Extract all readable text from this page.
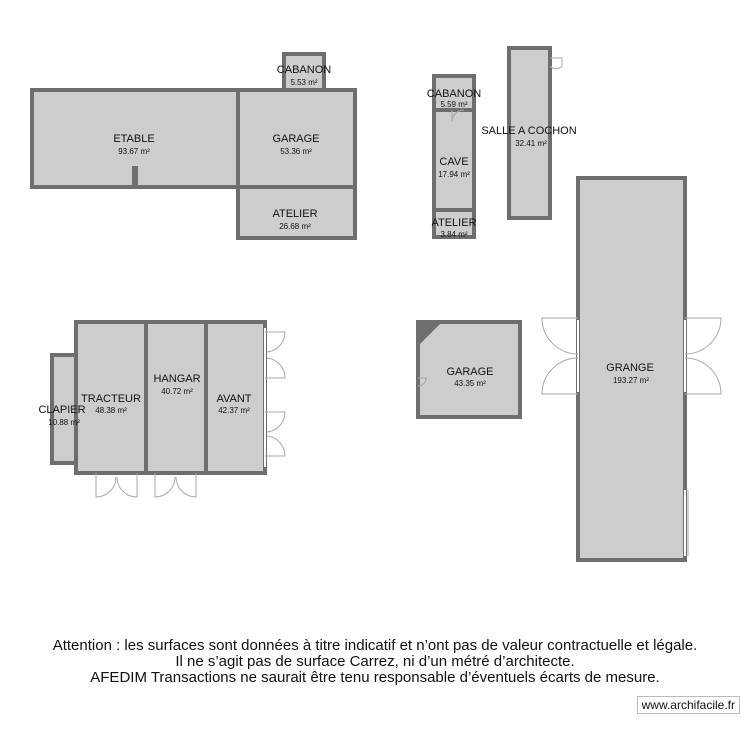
ETABLE
93.67 m²
GARAGE
53.36 m²
ATELIER
26.68 m²
CABANON
5.53 m²
CABANON
5.59 m²
CAVE
17.94 m²
ATELIER
3.84 m²
SALLE A COCHON
32.41 m²
CLAPIER
10.88 m²
TRACTEUR
48.38 m²
HANGAR
40.72 m²
AVANT
42.37 m²
GARAGE
43.35 m²
GRANGE
193.27 m²
Attention : les surfaces sont données à titre indicatif et n’ont pas de valeur contractuelle et légale.
Il ne s’agit pas de surface Carrez, ni d’un métré d’architecte.
AFEDIM Transactions ne saurait être tenu responsable d’éventuels écarts de mesure.
www.archifacile.fr
